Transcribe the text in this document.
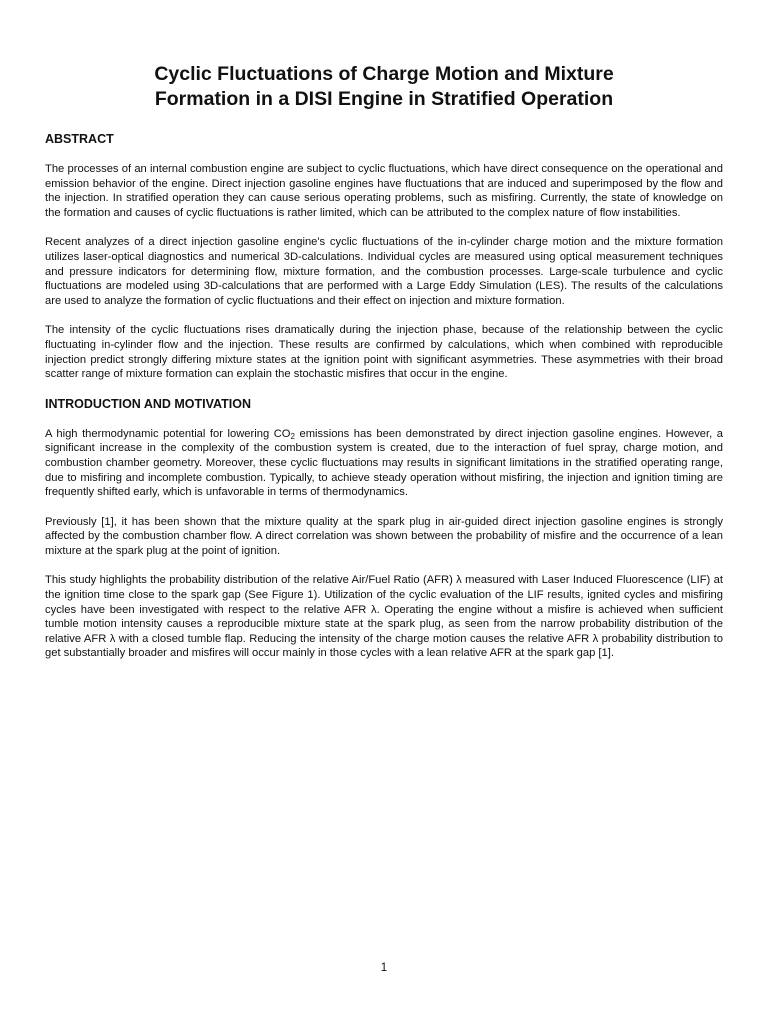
Cyclic Fluctuations of Charge Motion and Mixture
Formation in a DISI Engine in Stratified Operation
ABSTRACT

The processes of an internal combustion engine are subject to cyclic fluctuations, which have direct consequence on the operational and emission behavior of the engine. Direct injection gasoline engines have fluctuations that are induced and superimposed by the flow and the injection. In stratified operation they can cause serious operating problems, such as misfiring. Currently, the state of knowledge on the formation and causes of cyclic fluctuations is rather limited, which can be attributed to the complex nature of flow instabilities.

Recent analyzes of a direct injection gasoline engine's cyclic fluctuations of the in-cylinder charge motion and the mixture formation utilizes laser-optical diagnostics and numerical 3D-calculations. Individual cycles are measured using optical measurement techniques and pressure indicators for determining flow, mixture formation, and the combustion processes. Large-scale turbulence and cyclic fluctuations are modeled using 3D-calculations that are performed with a Large Eddy Simulation (LES). The results of the calculations are used to analyze the formation of cyclic fluctuations and their effect on injection and mixture formation.

The intensity of the cyclic fluctuations rises dramatically during the injection phase, because of the relationship between the cyclic fluctuating in-cylinder flow and the injection. These results are confirmed by calculations, which when combined with reproducible injection predict strongly differing mixture states at the ignition point with significant asymmetries. These asymmetries with their broad scatter range of mixture formation can explain the stochastic misfires that occur in the engine.

INTRODUCTION AND MOTIVATION

A high thermodynamic potential for lowering $CO_2$ emissions has been demonstrated by direct injection gasoline engines. However, a significant increase in the complexity of the combustion system is created, due to the interaction of fuel spray, charge motion, and combustion chamber geometry. Moreover, these cyclic fluctuations may results in significant limitations in the stratified operating range, due to misfiring and incomplete combustion. Typically, to achieve steady operation without misfiring, the injection and ignition timing are frequently shifted early, which is unfavorable in terms of thermodynamics.

Previously [1], it has been shown that the mixture quality at the spark plug in air-guided direct injection gasoline engines is strongly affected by the combustion chamber flow. A direct correlation was shown between the probability of misfire and the occurrence of a lean mixture at the spark plug at the point of ignition.

This study highlights the probability distribution of the relative Air/Fuel Ratio (AFR) λ measured with Laser Induced Fluorescence (LIF) at the ignition time close to the spark gap (See Figure 1). Utilization of the cyclic evaluation of the LIF results, ignited cycles and misfiring cycles have been investigated with respect to the relative AFR λ. Operating the engine without a misfire is achieved when sufficient tumble motion intensity causes a reproducible mixture state at the spark plug, as seen from the narrow probability distribution of the relative AFR λ with a closed tumble flap. Reducing the intensity of the charge motion causes the relative AFR λ probability distribution to get substantially broader and misfires will occur mainly in those cycles with a lean relative AFR at the spark gap [1].

1
